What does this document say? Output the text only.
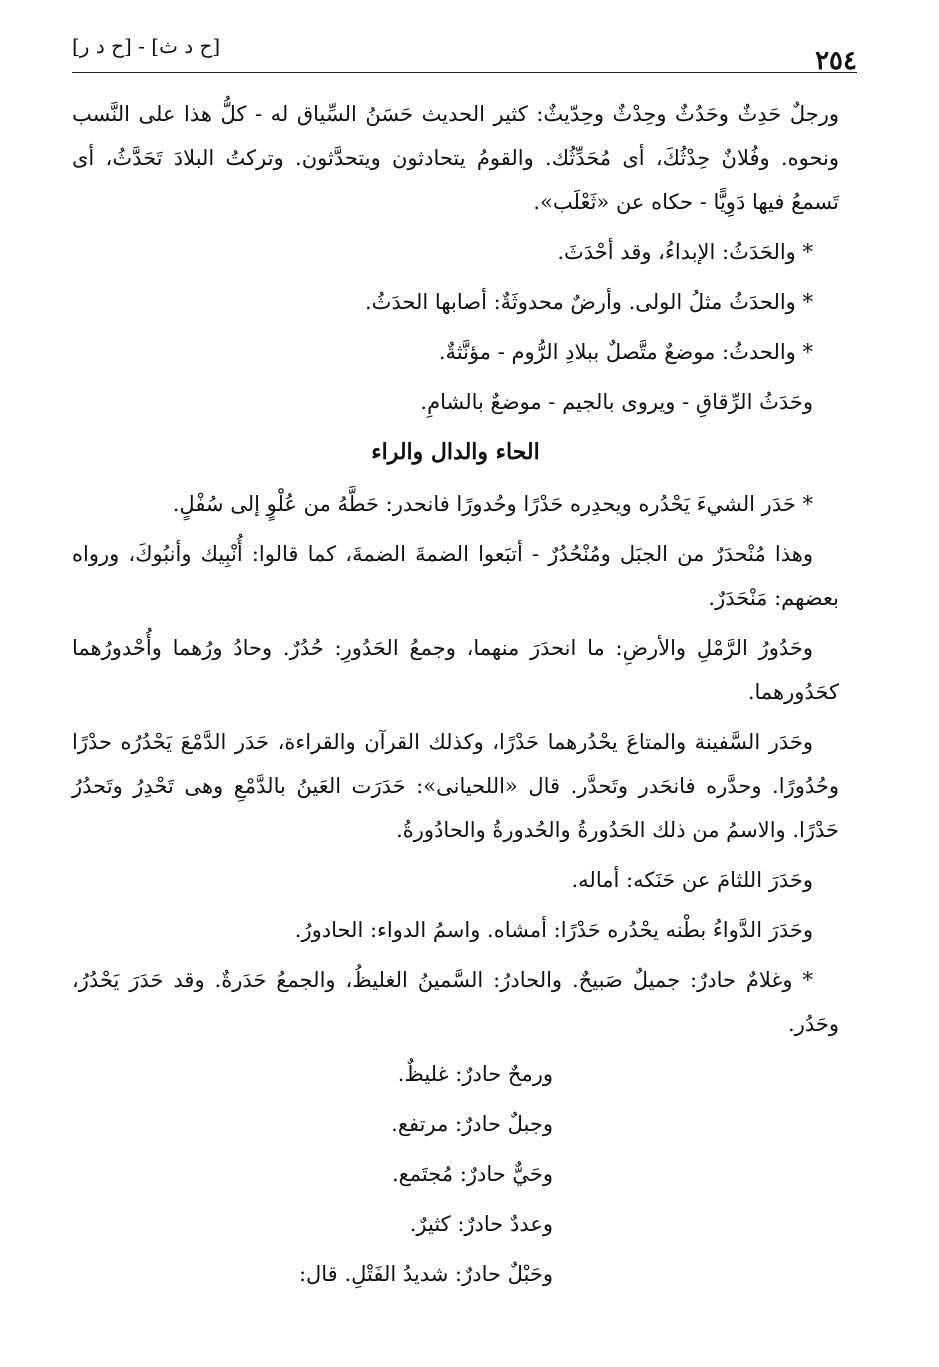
٢٥٤
[ح د ث] - [ح د ر]

ورجلٌ حَدِثٌ وحَدُثٌ وحِدْثٌ وحِدّيثٌ: كثير الحديث حَسَنُ السِّياق له - كلُّ هذا على النَّسب ونحوه. وفُلانٌ حِدْثُكَ، أى مُحَدِّثُك. والقومُ يتحادثون ويتحدَّثون. وتركتُ البلادَ تَحَدَّثُ، أى تَسمعُ فيها دَوِيًّا - حكاه عن «ثَعْلَب».

* والحَدَثُ: الإبداءُ، وقد أحْدَثَ.

* والحدَثُ مثلُ الولى. وأرضٌ محدوثَةٌ: أصابها الحدَثُ.

* والحدثُ: موضعٌ متَّصلٌ ببلادِ الرُّوم - مؤنَّثةٌ.

وحَدَثُ الرِّقاقِ - ويروى بالجيم - موضعٌ بالشامِ.

الحاء والدال والراء

* حَدَر الشيءَ يَحْدُره ويحدِره حَدْرًا وحُدورًا فانحدر: حَطَّهُ من عُلْوٍ إلى سُفْلٍ.

وهذا مُنْحدَرٌ من الجبَل ومُنْحُدُرٌ - أتبَعوا الضمةَ الضمةَ، كما قالوا: أُنْبِيك وأنبُوكَ، ورواه بعضهم: مَنْحَدَرٌ.

وحَدُورُ الرَّمْلِ والأرضِ: ما انحدَرَ منهما، وجمعُ الحَدُورِ: حُدُرٌ. وحادُ ورُهما وأُحْدورُهما كحَدُورهما.

وحَدَر السَّفينة والمتاعَ يحْدُرهما حَدْرًا، وكذلك القرآن والقراءة، حَدَر الدَّمْعَ يَحْدُرُه حدْرًا وحُدُورًا. وحدَّره فانحَدر وتَحدَّر. قال «اللحيانى»: حَدَرَت العَينُ بالدَّمْعِ وهى تَحْدِرُ وتَحدُرُ حَدْرًا. والاسمُ من ذلك الحَدُورةُ والحُدورةُ والحادُورةُ.

وحَدَرَ اللثامَ عن حَنَكه: أماله.

وحَدَرَ الدَّواءُ بطْنه يحْدُره حَدْرًا: أمشاه. واسمُ الدواء: الحادورُ.

* وغلامٌ حادرٌ: جميلٌ صَبيحٌ. والحادرُ: السَّمينُ الغليظُ، والجمعُ حَدَرةٌ. وقد حَدَرَ يَحْدُرُ، وحَدُر.

ورمحٌ حادرٌ: غليظٌ.

وجبلٌ حادرٌ: مرتفع.

وحَيٌّ حادرٌ: مُجتَمع.

وعددٌ حادرٌ: كثيرٌ.

وحَبْلٌ حادرٌ: شديدُ الفَتْلِ. قال:
